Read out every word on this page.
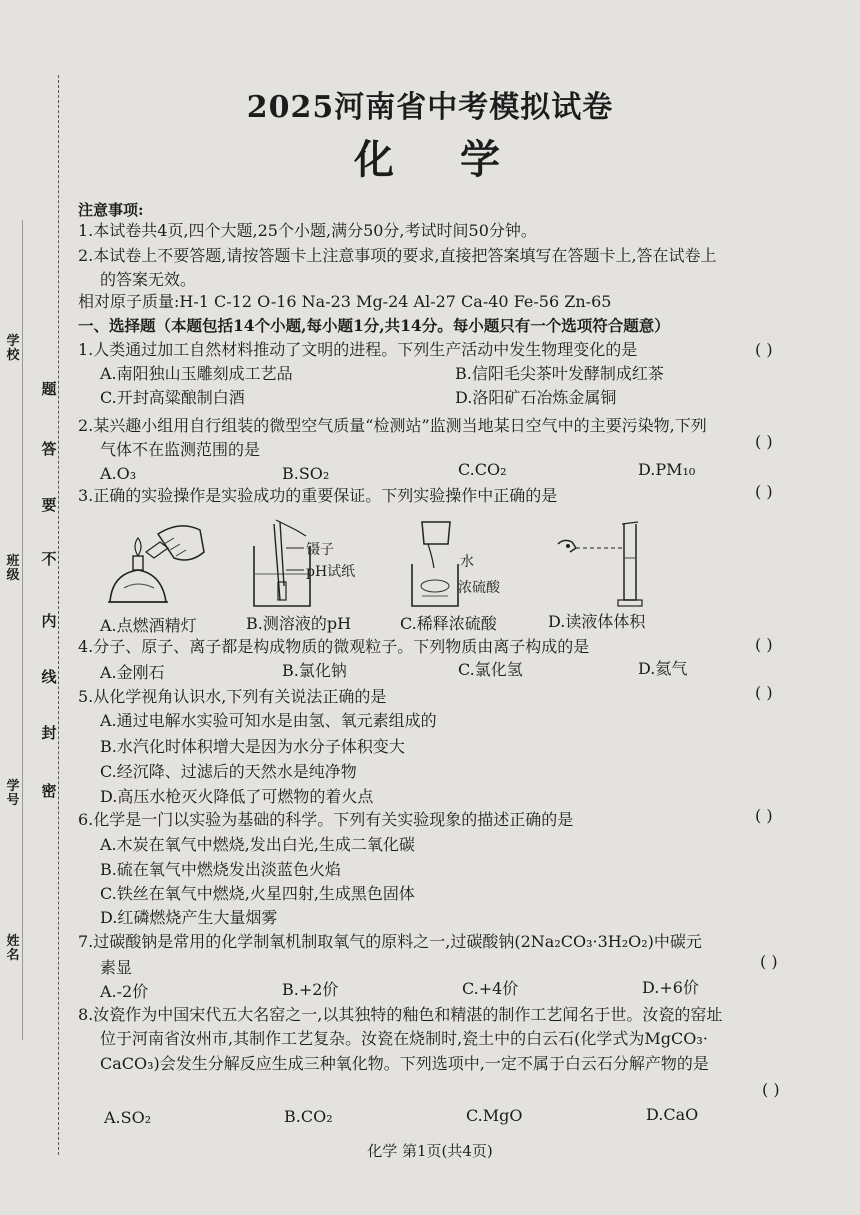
题
答
要
不
内
线
封
密
学校
班级
学号
姓名
2025河南省中考模拟试卷
化 学
注意事项:
1.本试卷共4页,四个大题,25个小题,满分50分,考试时间50分钟。
2.本试卷上不要答题,请按答题卡上注意事项的要求,直接把答案填写在答题卡上,答在试卷上
的答案无效。
相对原子质量:H-1 C-12 O-16 Na-23 Mg-24 Al-27 Ca-40 Fe-56 Zn-65
一、选择题（本题包括14个小题,每小题1分,共14分。每小题只有一个选项符合题意）
1.人类通过加工自然材料推动了文明的进程。下列生产活动中发生物理变化的是	( )
A.南阳独山玉雕刻成工艺品	B.信阳毛尖茶叶发酵制成红茶
C.开封高粱酿制白酒	D.洛阳矿石冶炼金属铜
2.某兴趣小组用自行组装的微型空气质量“检测站”监测当地某日空气中的主要污染物,下列
气体不在监测范围的是	( )
A.O₃	B.SO₂	C.CO₂	D.PM₁₀
3.正确的实验操作是实验成功的重要保证。下列实验操作中正确的是	( )
镊子
pH试纸
水
浓硫酸
A.点燃酒精灯	B.测溶液的pH	C.稀释浓硫酸	D.读液体体积
4.分子、原子、离子都是构成物质的微观粒子。下列物质由离子构成的是	( )
A.金刚石	B.氯化钠	C.氯化氢	D.氦气
5.从化学视角认识水,下列有关说法正确的是	( )
A.通过电解水实验可知水是由氢、氧元素组成的
B.水汽化时体积增大是因为水分子体积变大
C.经沉降、过滤后的天然水是纯净物
D.高压水枪灭火降低了可燃物的着火点
6.化学是一门以实验为基础的科学。下列有关实验现象的描述正确的是	( )
A.木炭在氧气中燃烧,发出白光,生成二氧化碳
B.硫在氧气中燃烧发出淡蓝色火焰
C.铁丝在氧气中燃烧,火星四射,生成黑色固体
D.红磷燃烧产生大量烟雾
7.过碳酸钠是常用的化学制氧机制取氧气的原料之一,过碳酸钠(2Na₂CO₃·3H₂O₂)中碳元
素显	( )
A.-2价	B.+2价	C.+4价	D.+6价
8.汝瓷作为中国宋代五大名窑之一,以其独特的釉色和精湛的制作工艺闻名于世。汝瓷的窑址
位于河南省汝州市,其制作工艺复杂。汝瓷在烧制时,瓷土中的白云石(化学式为MgCO₃·
CaCO₃)会发生分解反应生成三种氧化物。下列选项中,一定不属于白云石分解产物的是
( )
A.SO₂	B.CO₂	C.MgO	D.CaO
化学 第1页(共4页)
